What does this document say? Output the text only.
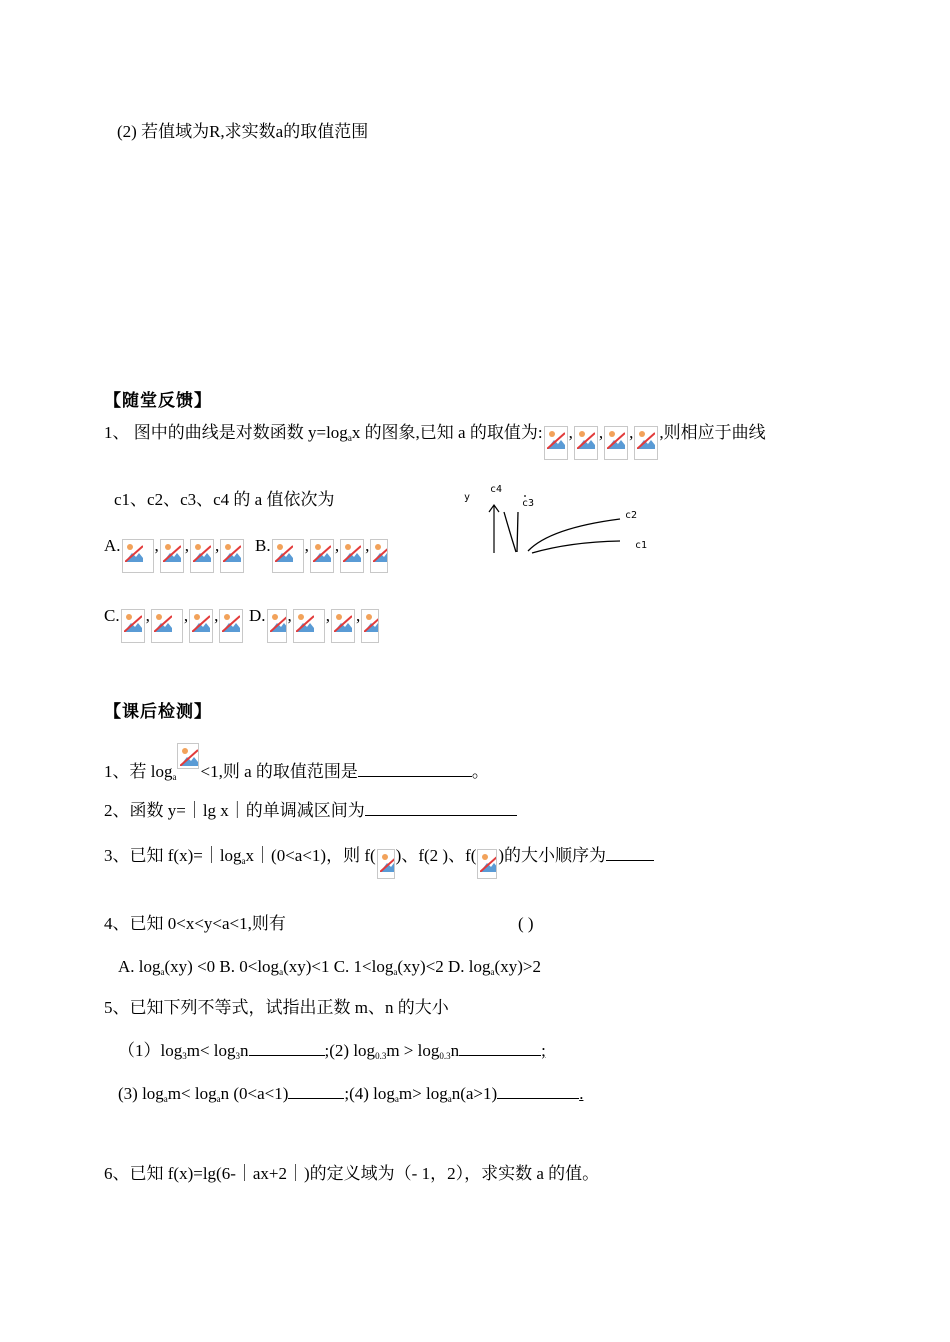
(2) 若值域为R,求实数a的取值范围
【随堂反馈】
1、 图中的曲线是对数函数 $y=\log_ax$ 的图象,已知 a 的取值为: , , , ,则相应于曲线
c1、c2、c3、c4 的 a 值依次为	y
c4
c3
c2
c1
A. , , ,	B. , , ,
C. , , ,	D. , , ,
【课后检测】
1、若 $\log_a <1$,则 a 的取值范围是	。
2、函数 y=｜lg x｜的单调减区间为
3、已知 $f(x)=|\log_ax|(0<a<1)$，则 f( )、f(2 )、f( )的大小顺序为
4、已知 0<x<y<a<1,则有	( )
A. $\log_a(xy) <0$ B. $0<\log_a(xy)<1$ C. $1<\log_a(xy)<2$ D. $\log_a(xy)>2$
5、已知下列不等式，试指出正数 m、n 的大小
$(1)\log_3m< \log_3n$	;(2) $\log_{0.3}m > \log_{0.3}n$	;
(3) $\log_am< \log_an$ (0<a<1)	;(4) $\log_am> \log_an(a>1)$	.
6、已知 f(x)=lg(6-｜ax+2｜)的定义域为（- 1，2），求实数 a 的值。
